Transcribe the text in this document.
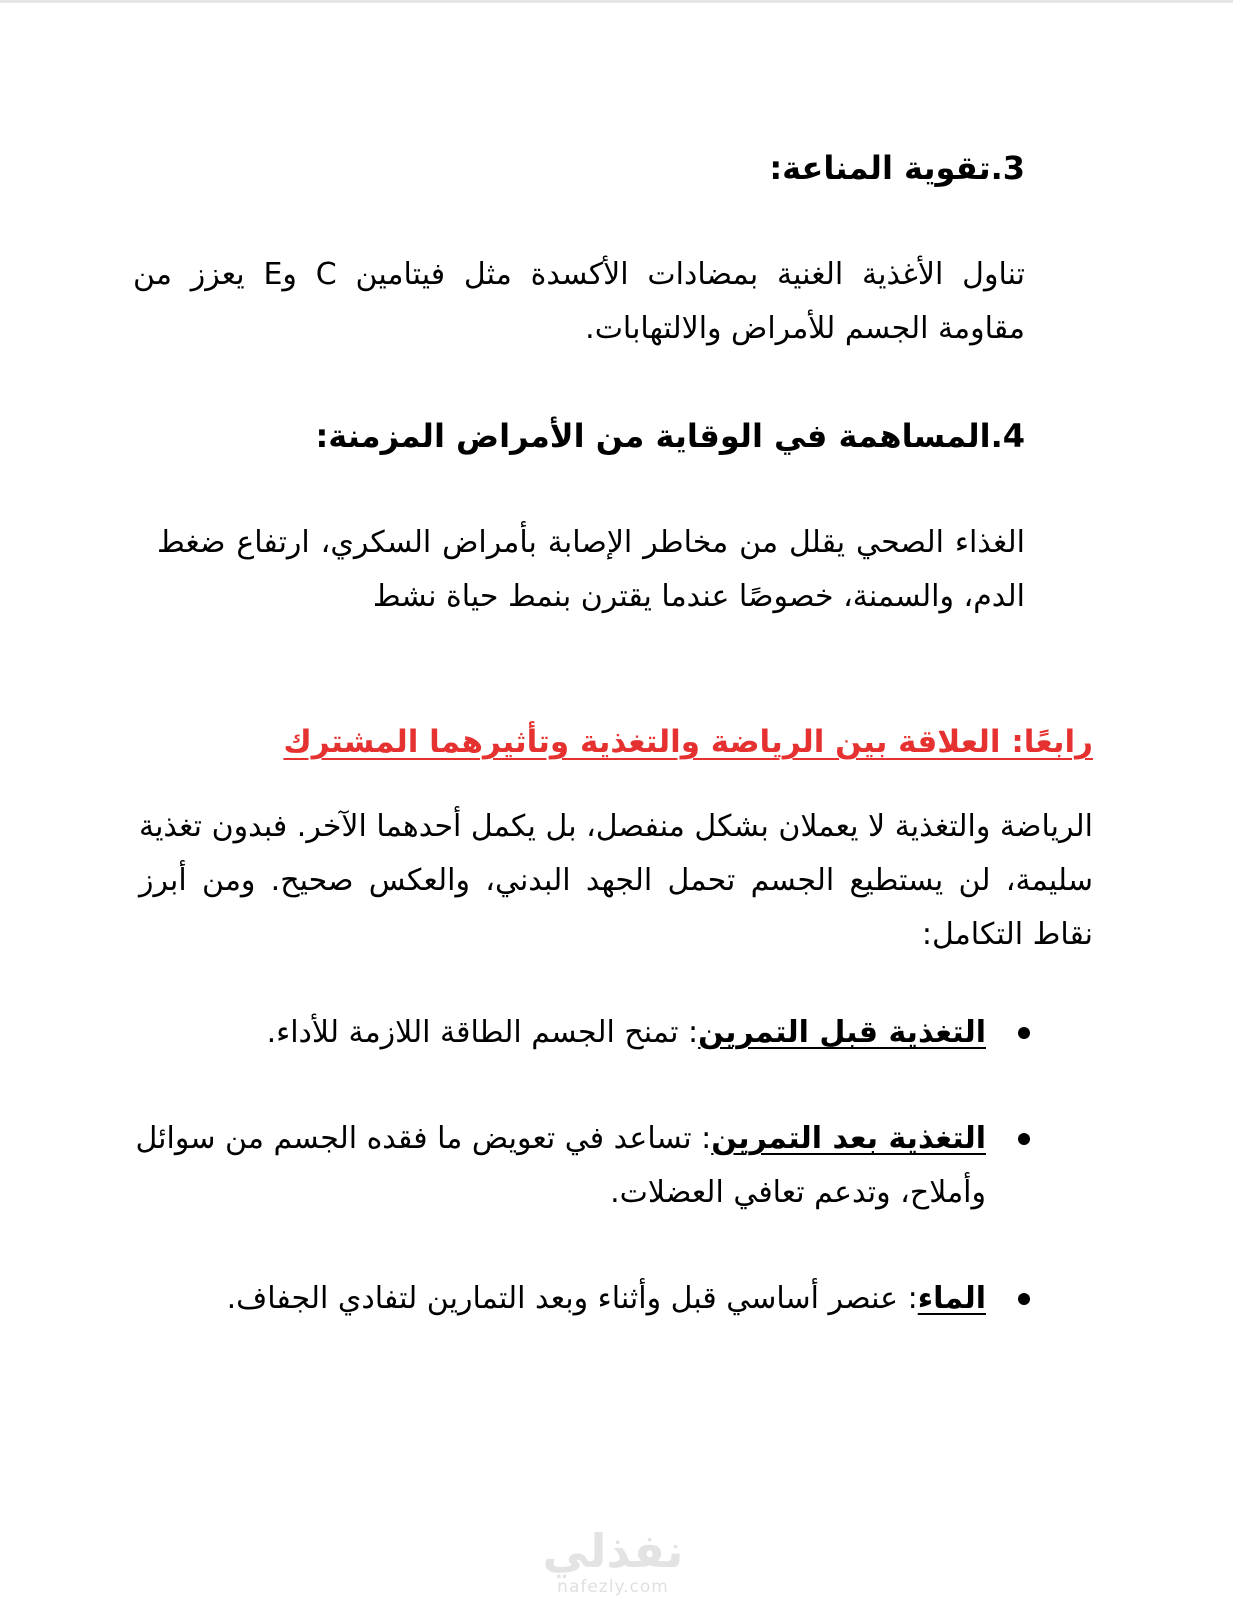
3.تقوية المناعة:

تناول الأغذية الغنية بمضادات الأكسدة مثل فيتامين C وE يعزز من مقاومة الجسم للأمراض والالتهابات.

4.المساهمة في الوقاية من الأمراض المزمنة:

الغذاء الصحي يقلل من مخاطر الإصابة بأمراض السكري، ارتفاع ضغط الدم، والسمنة، خصوصًا عندما يقترن بنمط حياة نشط

رابعًا: العلاقة بين الرياضة والتغذية وتأثيرهما المشترك

الرياضة والتغذية لا يعملان بشكل منفصل، بل يكمل أحدهما الآخر. فبدون تغذية سليمة، لن يستطيع الجسم تحمل الجهد البدني، والعكس صحيح. ومن أبرز نقاط التكامل:

التغذية قبل التمرين: تمنح الجسم الطاقة اللازمة للأداء.
التغذية بعد التمرين: تساعد في تعويض ما فقده الجسم من سوائل وأملاح، وتدعم تعافي العضلات.
الماء: عنصر أساسي قبل وأثناء وبعد التمارين لتفادي الجفاف.
نفذلي
nafezly.com
